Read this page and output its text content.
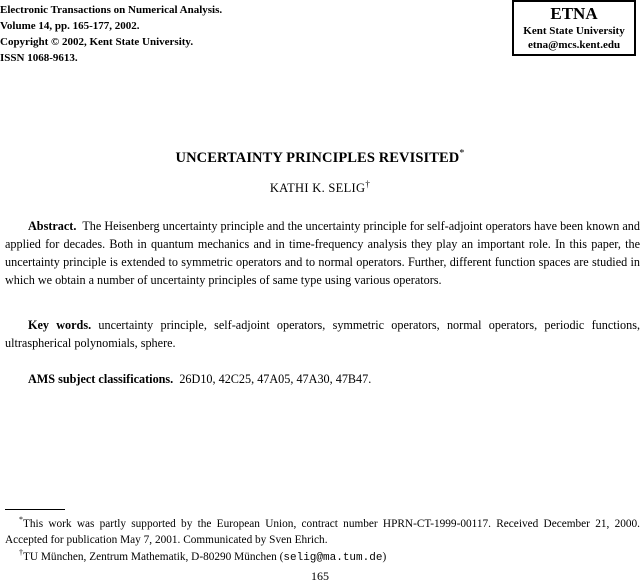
Electronic Transactions on Numerical Analysis.
Volume 14, pp. 165-177, 2002.
Copyright © 2002, Kent State University.
ISSN 1068-9613.
ETNA
Kent State University
etna@mcs.kent.edu
UNCERTAINTY PRINCIPLES REVISITED*
KATHI K. SELIG†
Abstract. The Heisenberg uncertainty principle and the uncertainty principle for self-adjoint operators have been known and applied for decades. Both in quantum mechanics and in time-frequency analysis they play an important role. In this paper, the uncertainty principle is extended to symmetric operators and to normal operators. Further, different function spaces are studied in which we obtain a number of uncertainty principles of same type using various operators.
Key words. uncertainty principle, self-adjoint operators, symmetric operators, normal operators, periodic functions, ultraspherical polynomials, sphere.
AMS subject classifications. 26D10, 42C25, 47A05, 47A30, 47B47.
*This work was partly supported by the European Union, contract number HPRN-CT-1999-00117. Received December 21, 2000. Accepted for publication May 7, 2001. Communicated by Sven Ehrich.
†TU München, Zentrum Mathematik, D-80290 München (selig@ma.tum.de)
165
